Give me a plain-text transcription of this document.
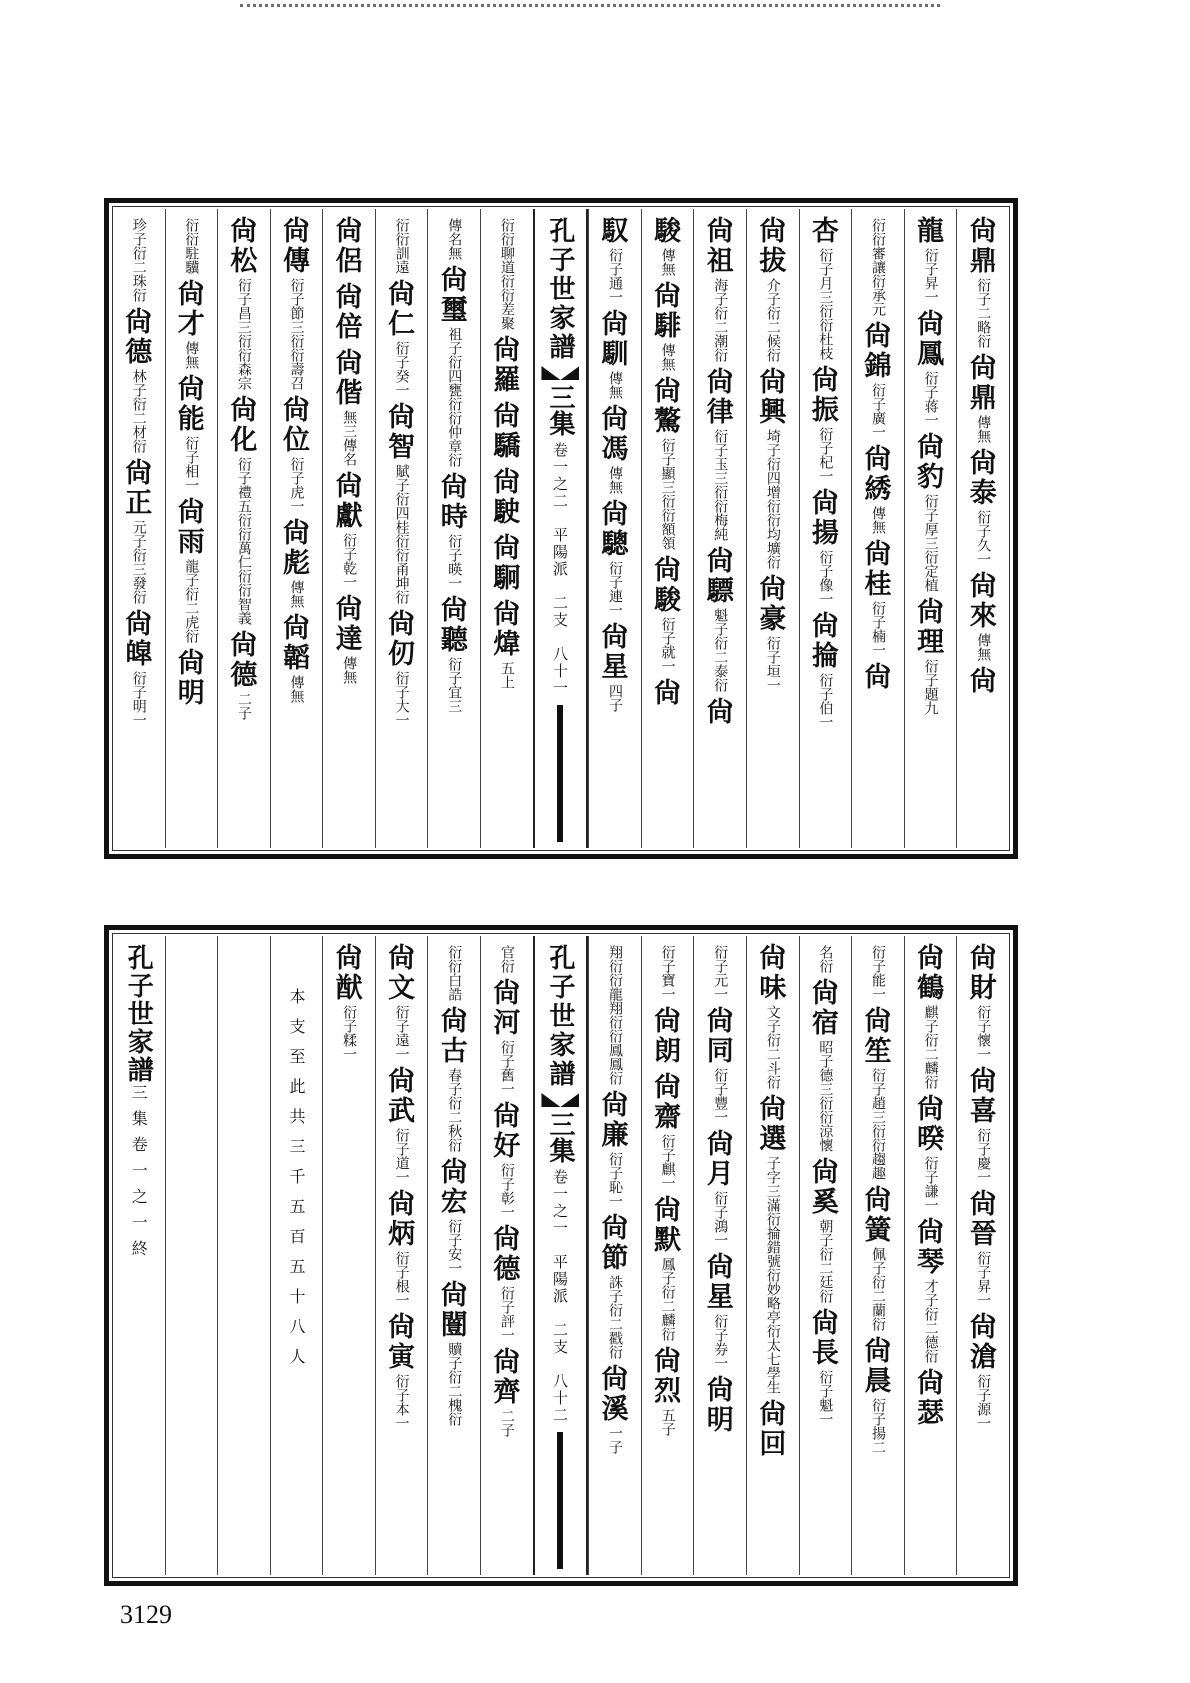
尙
鼎
衍子二略衍
尙
鼎
傳無
尙
泰
衍子久一
尙
來
傳無
尙
龍
衍子昇一
尙
鳳
衍子蒋一
尙
豹
衍子厚三衍定植
尙
理
衍子題九
衍衍審讓衍承元
尙
錦
衍子廣一
尙
綉
傳無
尙
桂
衍子楠一
尙
杏
衍子月三衍衍杜枝
尙
振
衍子杞一
尙
揚
衍子像一
尙
掄
衍子伯一
尙
拔
介子衍二候衍
尙
興
埼子衍四增衍衍均壙衍
尙
豪
衍子垣一
尙
祖
海子衍二潮衍
尙
律
衍子玉三衍衍梅純
尙
驃
魁子衍二泰衍
尙
駿
傳無
尙
騑
傳無
尙
驁
衍子顯三衍衍額領
尙
駿
衍子就一
尙
馭
衍子通一
尙
馴
傳無
尙
馮
傳無
尙
驄
衍子連一
尙
星
四子
孔子世家譜
三集
卷一之二　平陽派　二支　八十一
衍衍聊道衍衍差聚
尙
羅
尙
驕
尙
駛
尙
駉
尙
煒
五上
傳名無
尙
璽
祖子衍四甕衍衍仲章衍
尙
時
衍子暎一
尙
聽
衍子宜三
衍衍訓遠
尙
仁
衍子癸一
尙
智
賦子衍四桂衍衍甬坤衍
尙
仞
衍子大一
尙
侶
尙
倍
尙
偕
無三傳名
尙
獻
衍子乾一
尙
達
傳無
尙
傳
衍子節三衍衍壽召
尙
位
衍子虎一
尙
彪
傳無
尙
韜
傳無
尙
松
衍子昌三衍衍森宗
尙
化
衍子禮五衍衍萬仁衍衍智義
尙
德
二子
衍衍駐驥
尙
才
傳無
尙
能
衍子相一
尙
雨
龍子衍二虎衍
尙
明
珍子衍二珠衍
尙
德
林子衍二材衍
尙
正
元子衍三發衍
尙
皡
衍子明一
尙
財
衍子懷一
尙
喜
衍子慶一
尙
晉
衍子昇一
尙
滄
衍子源一
尙
鶴
麒子衍二麟衍
尙
暌
衍子謙一
尙
琴
才子衍二德衍
尙
瑟
衍子能一
尙
笙
衍子趙三衍衍趨趣
尙
簧
佩子衍二蘭衍
尙
晨
衍子揚二
名衍
尙
宿
昭子德三衍衍涼懷
尙
奚
朝子衍二廷衍
尙
長
衍子魁一
尙
味
文子衍二斗衍
尙
選
子字三滿衍掄錯號衍妙略亭衍太七學生
尙
回
衍子元一
尙
同
衍子豐一
尙
月
衍子鴻一
尙
星
衍子券一
尙
明
衍子寶一
尙
朗
尙
齋
衍子麒一
尙
默
鳳子衍二麟衍
尙
烈
五子
翔衍衍龍翔衍衍鳳鳳衍
尙
廉
衍子恥一
尙
節
誅子衍二戳衍
尙
溪
一子
孔子世家譜
三集
卷一之一　平陽派　二支　八十二
官衍
尙
河
衍子舊一
尙
好
衍子彰一
尙
德
衍子評一
尙
齊
二子
衍衍白誥
尙
古
春子衍二秋衍
尙
宏
衍子安一
尙
闓
贖子衍二槐衍
尙
文
衍子遠一
尙
武
衍子道一
尙
炳
衍子根一
尙
寅
衍子本一
尙
猷
衍子糅一
本支至此共三千五百五十八人
孔子世家譜
三集卷一之一終
3129
